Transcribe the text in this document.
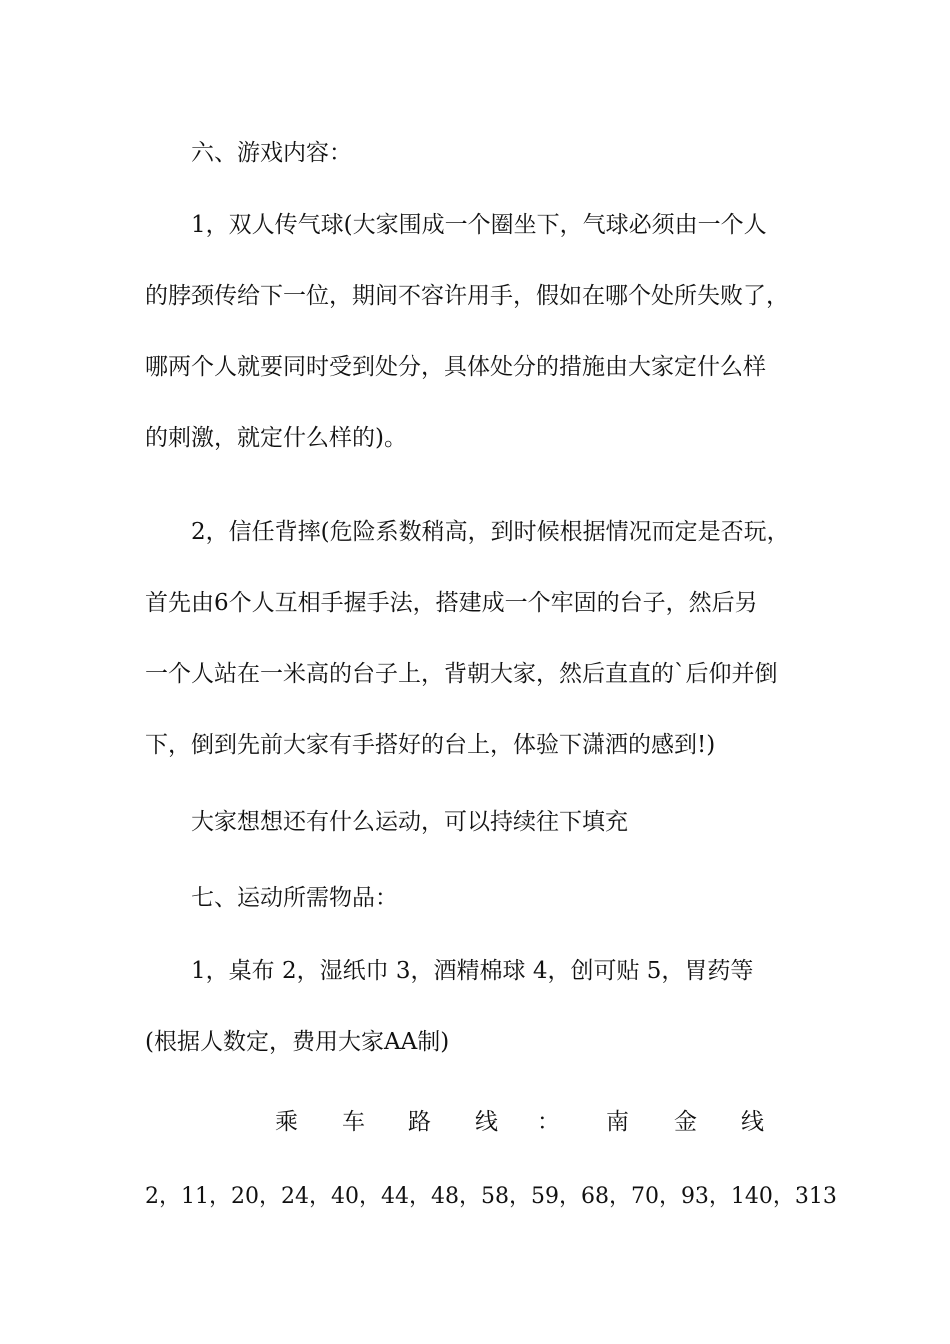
六、游戏内容：

1，双人传气球(大家围成一个圈坐下，气球必须由一个人
的脖颈传给下一位，期间不容许用手，假如在哪个处所失败了，
哪两个人就要同时受到处分，具体处分的措施由大家定什么样
的刺激，就定什么样的)。

2，信任背摔(危险系数稍高，到时候根据情况而定是否玩，
首先由6个人互相手握手法，搭建成一个牢固的台子，然后另
一个人站在一米高的台子上，背朝大家，然后直直的`后仰并倒
下，倒到先前大家有手搭好的台上，体验下潇洒的感到!)

大家想想还有什么运动，可以持续往下填充

七、运动所需物品：

1，桌布 2，湿纸巾 3，酒精棉球 4，创可贴 5，胃药等
(根据人数定，费用大家AA制)

乘 车 路 线 ： 南 金 线
2，11，20，24，40，44，48，58，59，68，70，93，140，313
